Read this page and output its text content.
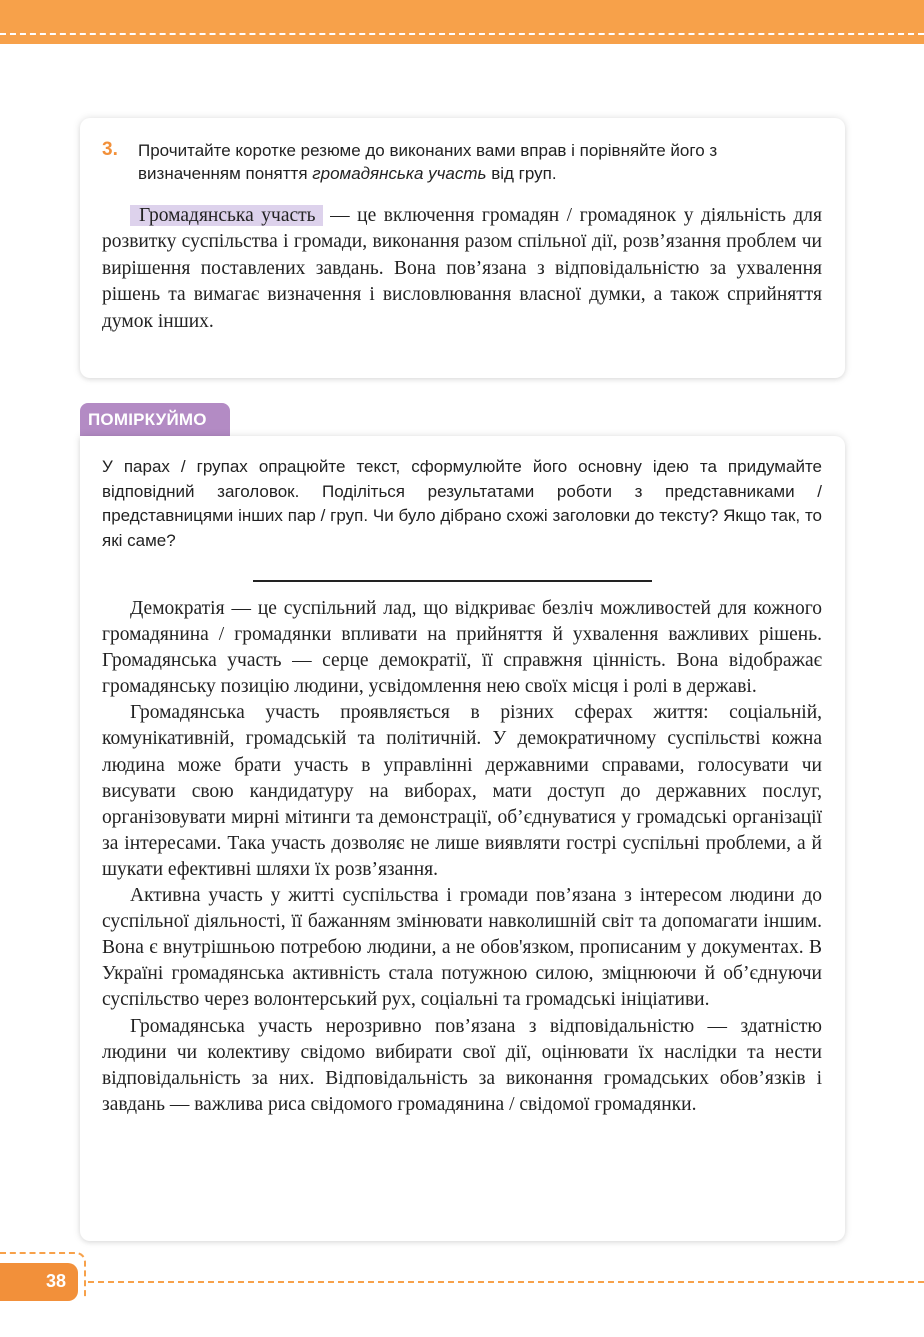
3. Прочитайте коротке резюме до виконаних вами вправ і порівняйте його з визначенням поняття громадянська участь від груп.
Громадянська участь — це включення громадян / громадянок у діяльність для розвитку суспільства і громади, виконання разом спільної дії, розв’язання проблем чи вирішення поставлених завдань. Вона пов’язана з відповідальністю за ухвалення рішень та вимагає визначення і висловлювання власної думки, а також сприйняття думок інших.
ПОМІРКУЙМО
У парах / групах опрацюйте текст, сформулюйте його основну ідею та придумайте відповідний заголовок. Поділіться результатами роботи з представниками / представницями інших пар / груп. Чи було дібрано схожі заголовки до тексту? Якщо так, то які саме?

Демократія — це суспільний лад, що відкриває безліч можливостей для кожного громадянина / громадянки впливати на прийняття й ухвалення важливих рішень. Громадянська участь — серце демократії, її справжня цінність. Вона відображає громадянську позицію людини, усвідомлення нею своїх місця і ролі в державі.

Громадянська участь проявляється в різних сферах життя: соціальній, комунікативній, громадській та політичній. У демократичному суспільстві кожна людина може брати участь в управлінні державними справами, голосувати чи висувати свою кандидатуру на виборах, мати доступ до державних послуг, організовувати мирні мітинги та демонстрації, об’єднуватися у громадські організації за інтересами. Така участь дозволяє не лише виявляти гострі суспільні проблеми, а й шукати ефективні шляхи їх розв’язання.

Активна участь у житті суспільства і громади пов’язана з інтересом людини до суспільної діяльності, її бажанням змінювати навколишній світ та допомагати іншим. Вона є внутрішньою потребою людини, а не обов'язком, прописаним у документах. В Україні громадянська активність стала потужною силою, зміцнюючи й об’єднуючи суспільство через волонтерський рух, соціальні та громадські ініціативи.

Громадянська участь нерозривно пов’язана з відповідальністю — здатністю людини чи колективу свідомо вибирати свої дії, оцінювати їх наслідки та нести відповідальність за них. Відповідальність за виконання громадських обов’язків і завдань — важлива риса свідомого громадянина / свідомої громадянки.

38
